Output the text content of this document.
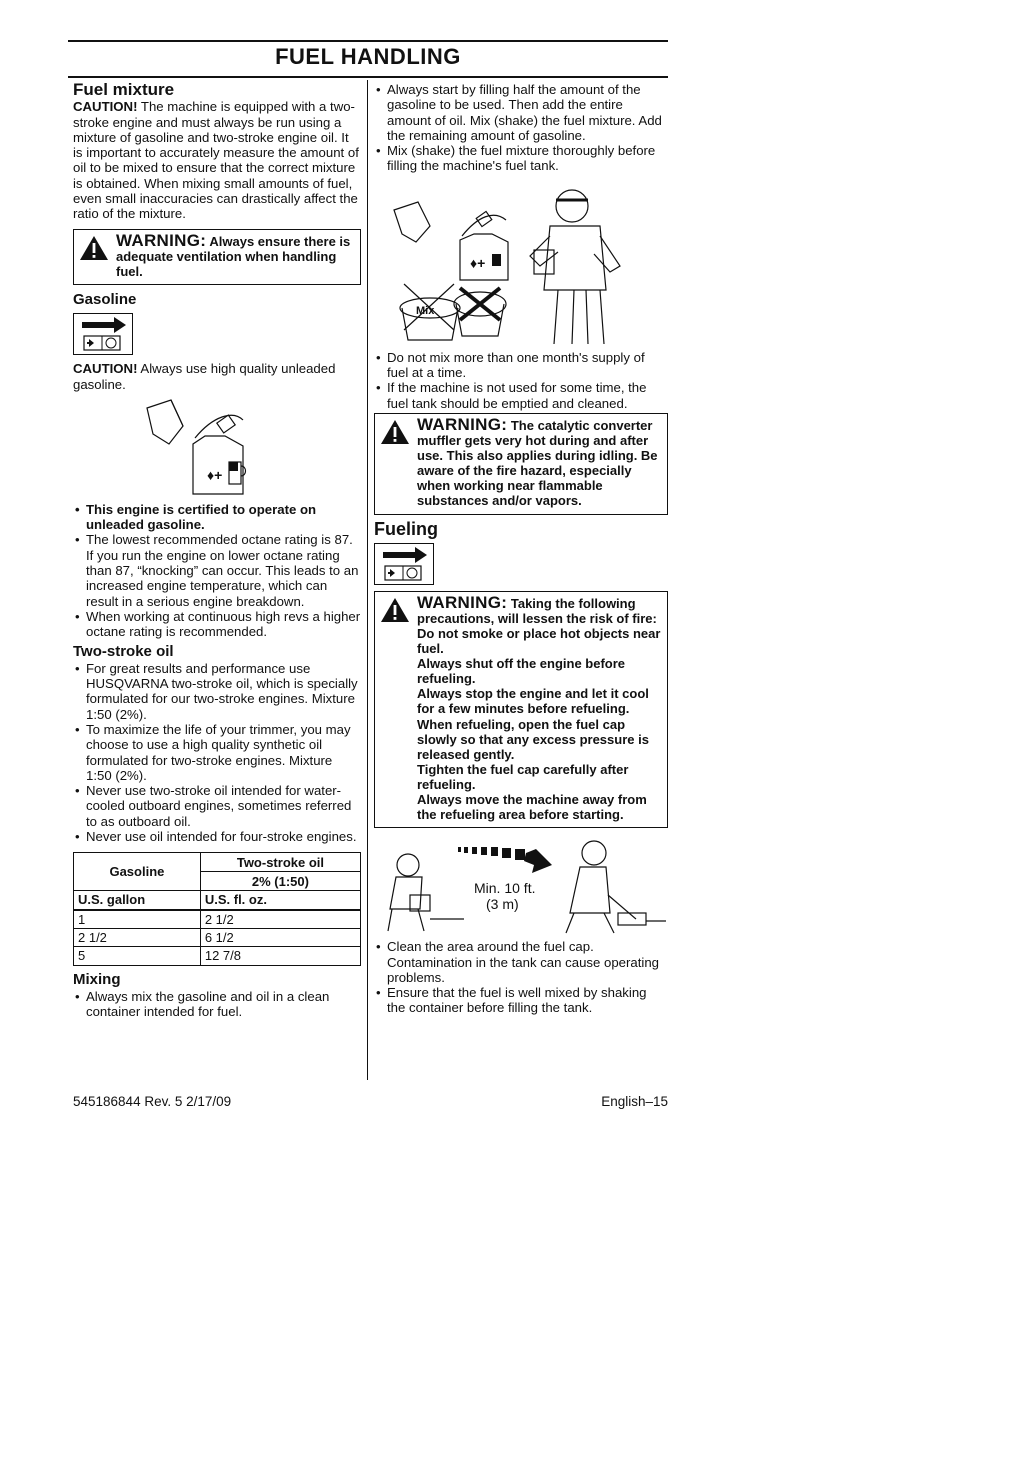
FUEL HANDLING
Fuel mixture

CAUTION! The machine is equipped with a two-stroke engine and must always be run using a mixture of gasoline and two-stroke engine oil. It is important to accurately measure the amount of oil to be mixed to ensure that the correct mixture is obtained. When mixing small amounts of fuel, even small inaccuracies can drastically affect the ratio of the mixture.

WARNING: Always ensure there is adequate ventilation when handling fuel.
Gasoline

CAUTION! Always use high quality unleaded gasoline.

♦+
• This engine is certified to operate on unleaded gasoline.
• The lowest recommended octane rating is 87. If you run the engine on lower octane rating than 87, “knocking” can occur. This leads to an increased engine temperature, which can result in a serious engine breakdown.
• When working at continuous high revs a higher octane rating is recommended.
Two-stroke oil
• For great results and performance use HUSQVARNA two-stroke oil, which is specially formulated for our two-stroke engines. Mixture 1:50 (2%).
• To maximize the life of your trimmer, you may choose to use a high quality synthetic oil formulated for two-stroke engines. Mixture 1:50 (2%).
• Never use two-stroke oil intended for water-cooled outboard engines, sometimes referred to as outboard oil.
• Never use oil intended for four-stroke engines.
Gasoline	Two-stroke oil
	2% (1:50)
U.S. gallon	U.S. fl. oz.
1	2 1/2
2 1/2	6 1/2
5	12 7/8
Mixing
• Always mix the gasoline and oil in a clean container intended for fuel.
• Always start by filling half the amount of the gasoline to be used. Then add the entire amount of oil. Mix (shake) the fuel mixture. Add the remaining amount of gasoline.
• Mix (shake) the fuel mixture thoroughly before filling the machine's fuel tank.
♦+
Mix
• Do not mix more than one month's supply of fuel at a time.
• If the machine is not used for some time, the fuel tank should be emptied and cleaned.
WARNING: The catalytic converter muffler gets very hot during and after use. This also applies during idling. Be aware of the fire hazard, especially when working near flammable substances and/or vapors.
Fueling
WARNING: Taking the following precautions, will lessen the risk of fire:
Do not smoke or place hot objects near fuel.
Always shut off the engine before refueling.
Always stop the engine and let it cool for a few minutes before refueling.
When refueling, open the fuel cap slowly so that any excess pressure is released gently.
Tighten the fuel cap carefully after refueling.
Always move the machine away from the refueling area before starting.
Min. 10 ft.
(3 m)
• Clean the area around the fuel cap. Contamination in the tank can cause operating problems.
• Ensure that the fuel is well mixed by shaking the container before filling the tank.
545186844 Rev. 5 2/17/09	English–15
